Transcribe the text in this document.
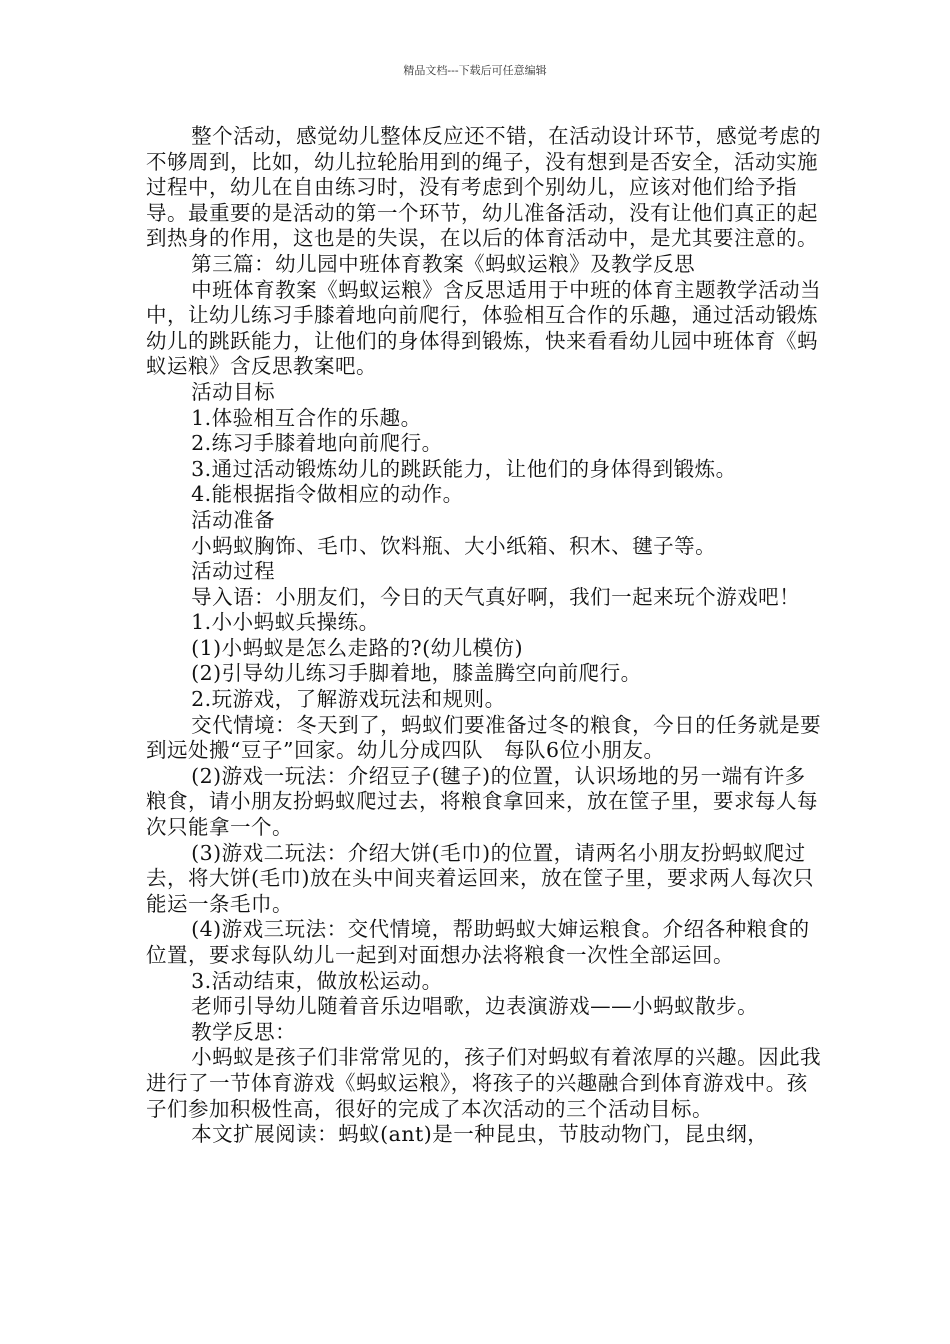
精品文档---下载后可任意编辑

整个活动，感觉幼儿整体反应还不错，在活动设计环节，感觉考虑的不够周到，比如，幼儿拉轮胎用到的绳子，没有想到是否安全，活动实施过程中，幼儿在自由练习时，没有考虑到个别幼儿，应该对他们给予指导。最重要的是活动的第一个环节，幼儿准备活动，没有让他们真正的起到热身的作用，这也是的失误，在以后的体育活动中，是尤其要注意的。

第三篇：幼儿园中班体育教案《蚂蚁运粮》及教学反思

中班体育教案《蚂蚁运粮》含反思适用于中班的体育主题教学活动当中，让幼儿练习手膝着地向前爬行，体验相互合作的乐趣，通过活动锻炼幼儿的跳跃能力，让他们的身体得到锻炼，快来看看幼儿园中班体育《蚂蚁运粮》含反思教案吧。

活动目标

1.体验相互合作的乐趣。

2.练习手膝着地向前爬行。

3.通过活动锻炼幼儿的跳跃能力，让他们的身体得到锻炼。

4.能根据指令做相应的动作。

活动准备

小蚂蚁胸饰、毛巾、饮料瓶、大小纸箱、积木、毽子等。

活动过程

导入语：小朋友们，今日的天气真好啊，我们一起来玩个游戏吧！

1.小小蚂蚁兵操练。

(1)小蚂蚁是怎么走路的?(幼儿模仿)

(2)引导幼儿练习手脚着地，膝盖腾空向前爬行。

2.玩游戏，了解游戏玩法和规则。

交代情境：冬天到了，蚂蚁们要准备过冬的粮食，今日的任务就是要到远处搬“豆子”回家。幼儿分成四队　每队6位小朋友。

(2)游戏一玩法：介绍豆子(毽子)的位置，认识场地的另一端有许多粮食，请小朋友扮蚂蚁爬过去，将粮食拿回来，放在筐子里，要求每人每次只能拿一个。

(3)游戏二玩法：介绍大饼(毛巾)的位置，请两名小朋友扮蚂蚁爬过去，将大饼(毛巾)放在头中间夹着运回来，放在筐子里，要求两人每次只能运一条毛巾。

(4)游戏三玩法：交代情境，帮助蚂蚁大婶运粮食。介绍各种粮食的位置，要求每队幼儿一起到对面想办法将粮食一次性全部运回。

3.活动结束，做放松运动。

老师引导幼儿随着音乐边唱歌，边表演游戏——小蚂蚁散步。

教学反思：

小蚂蚁是孩子们非常常见的，孩子们对蚂蚁有着浓厚的兴趣。因此我进行了一节体育游戏《蚂蚁运粮》，将孩子的兴趣融合到体育游戏中。孩子们参加积极性高，很好的完成了本次活动的三个活动目标。

本文扩展阅读：蚂蚁(ant)是一种昆虫，节肢动物门，昆虫纲，
